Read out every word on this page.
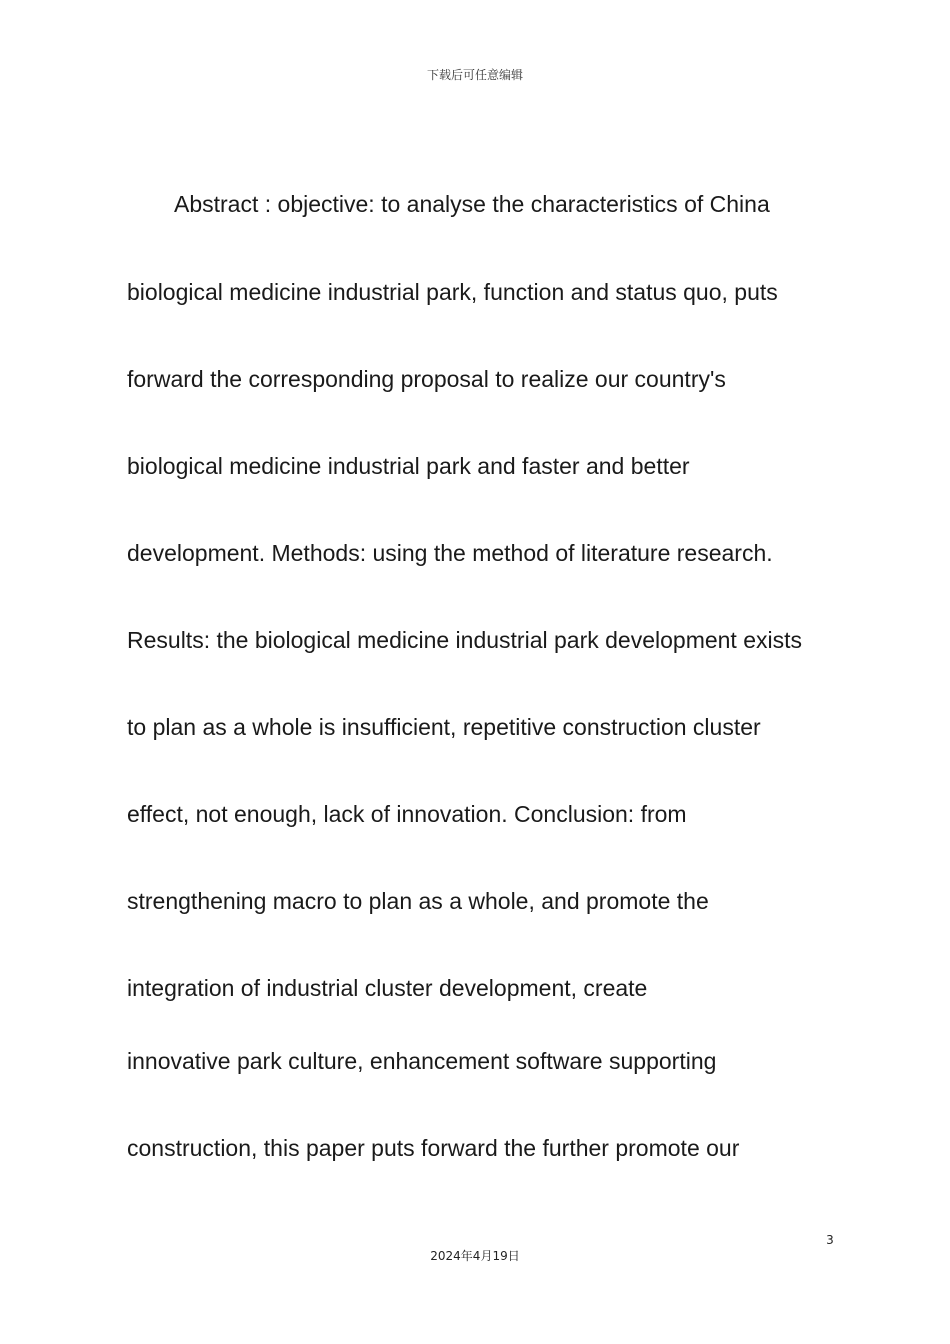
下载后可任意编辑
Abstract : objective: to analyse the characteristics of China
biological medicine industrial park, function and status quo, puts
forward the corresponding proposal to realize our country's
biological medicine industrial park and faster and better
development. Methods: using the method of literature research.
Results: the biological medicine industrial park development exists
to plan as a whole is insufficient, repetitive construction cluster
effect, not enough, lack of innovation. Conclusion: from
strengthening macro to plan as a whole, and promote the
integration of industrial cluster development, create
innovative park culture, enhancement software supporting
construction, this paper puts forward the further promote our
3
2024年4月19日
